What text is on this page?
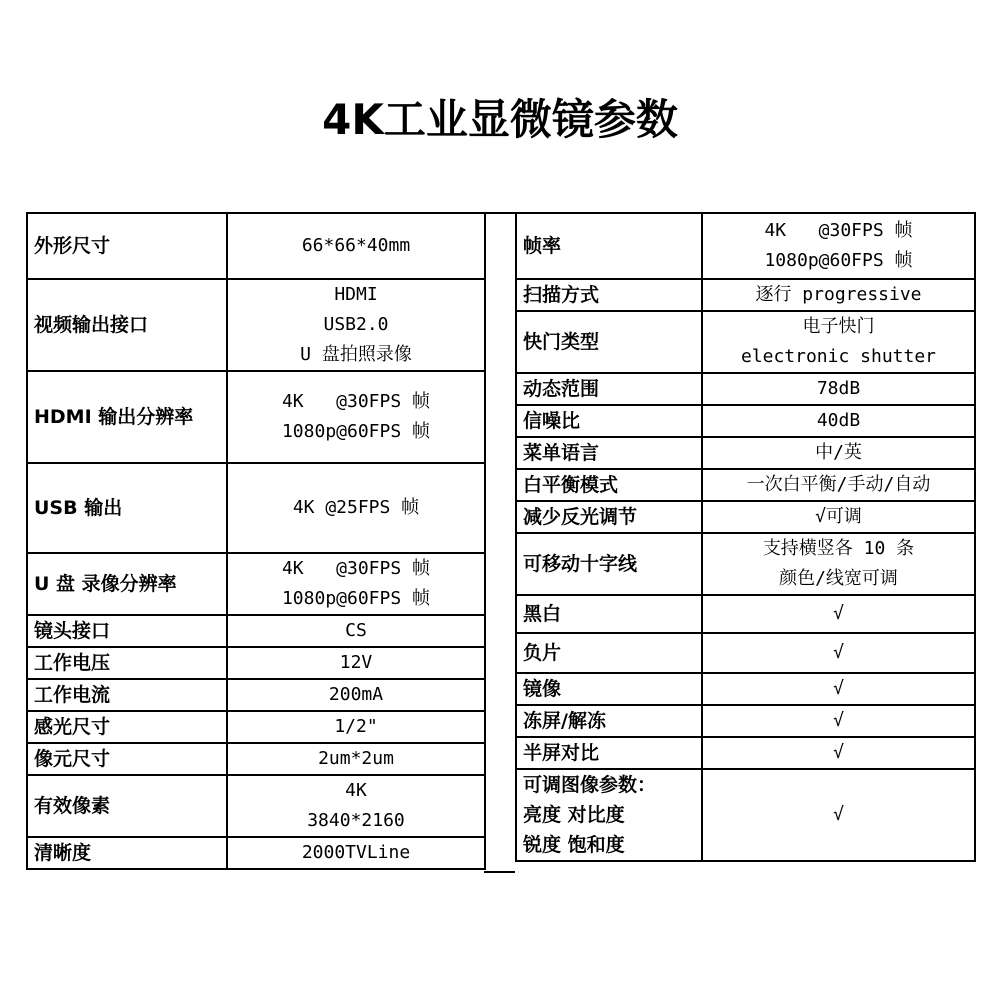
4K工业显微镜参数
外形尺寸	66*66*40mm

视频输出接口	HDMI
USB2.0
U 盘拍照录像

HDMI 输出分辨率	4K   @30FPS 帧
1080p@60FPS 帧

USB 输出	4K @25FPS 帧

U 盘 录像分辨率	4K   @30FPS 帧
1080p@60FPS 帧

镜头接口	CS

工作电压	12V

工作电流	200mA

感光尺寸	1/2"

像元尺寸	2um*2um

有效像素	4K
3840*2160

清晰度	2000TVLine
帧率	4K   @30FPS 帧
1080p@60FPS 帧

扫描方式	逐行 progressive

快门类型	电子快门
electronic shutter

动态范围	78dB

信噪比	40dB

菜单语言	中/英

白平衡模式	一次白平衡/手动/自动

减少反光调节	√可调

可移动十字线	支持横竖各 10 条
颜色/线宽可调

黑白	√

负片	√

镜像	√

冻屏/解冻	√

半屏对比	√

可调图像参数：
亮度 对比度
锐度 饱和度	√
